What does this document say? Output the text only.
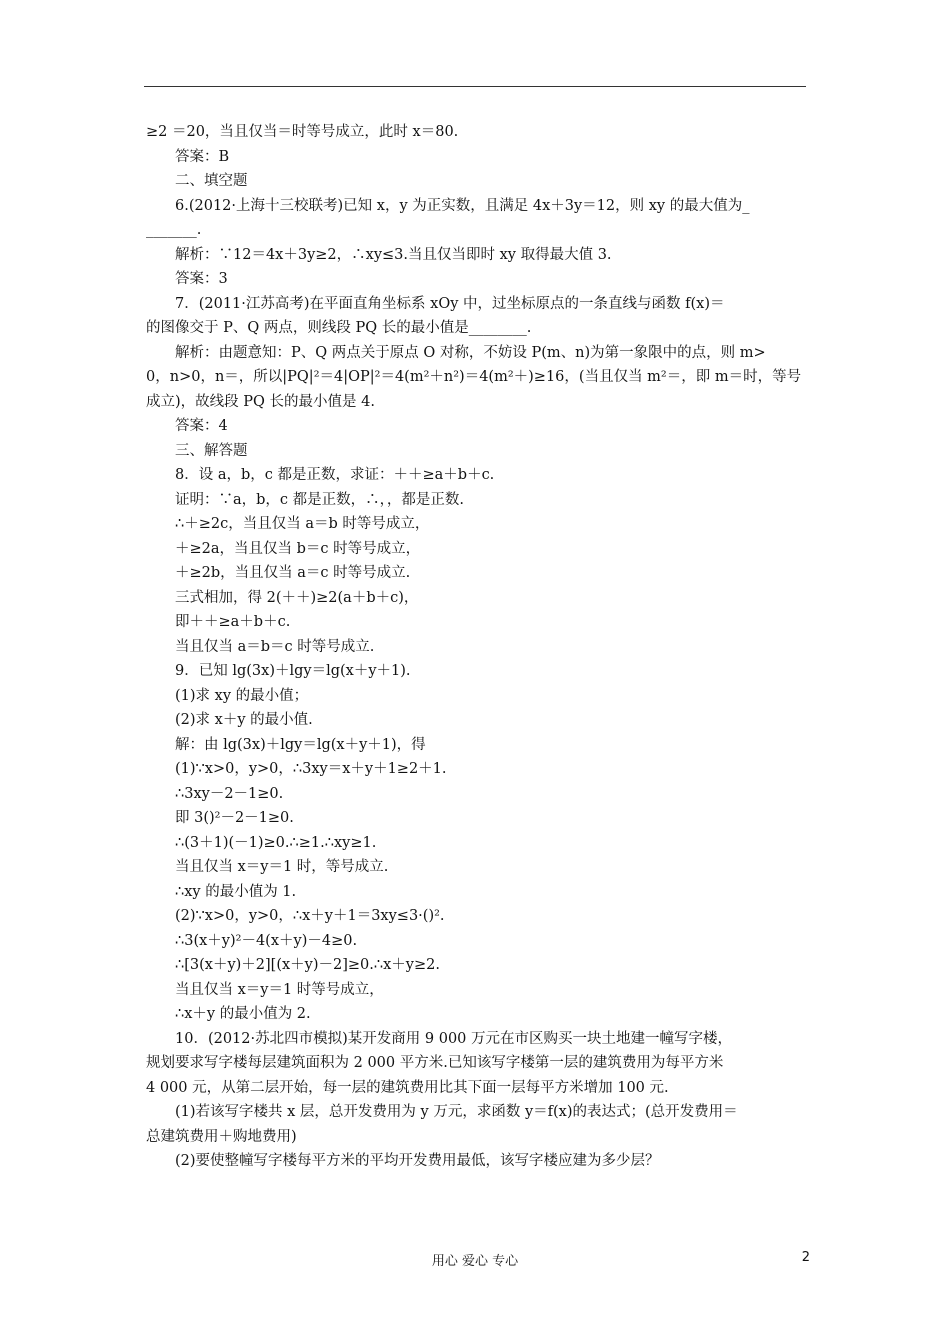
≥2 ＝20，当且仅当＝时等号成立，此时 x＝80.
答案：B
二、填空题
6.(2012·上海十三校联考)已知 x，y 为正实数，且满足 4x＋3y＝12，则 xy 的最大值为_
_______.
解析：∵12＝4x＋3y≥2，∴xy≤3.当且仅当即时 xy 取得最大值 3.
答案：3
7．(2011·江苏高考)在平面直角坐标系 xOy 中，过坐标原点的一条直线与函数 f(x)＝
的图像交于 P、Q 两点，则线段 PQ 长的最小值是________.
解析：由题意知：P、Q 两点关于原点 O 对称，不妨设 P(m、n)为第一象限中的点，则 m>
0，n>0，n＝，所以|PQ|²＝4|OP|²＝4(m²＋n²)＝4(m²＋)≥16，(当且仅当 m²＝，即 m＝时，等号
成立)，故线段 PQ 长的最小值是 4.
答案：4
三、解答题
8．设 a，b，c 都是正数，求证：＋＋≥a＋b＋c.
证明：∵a，b，c 都是正数，∴，，都是正数.
∴＋≥2c，当且仅当 a＝b 时等号成立，
＋≥2a，当且仅当 b＝c 时等号成立，
＋≥2b，当且仅当 a＝c 时等号成立.
三式相加，得 2(＋＋)≥2(a＋b＋c)，
即＋＋≥a＋b＋c.
当且仅当 a＝b＝c 时等号成立.
9．已知 lg(3x)＋lgy＝lg(x＋y＋1).
(1)求 xy 的最小值；
(2)求 x＋y 的最小值.
解：由 lg(3x)＋lgy＝lg(x＋y＋1)，得
(1)∵x>0，y>0，∴3xy＝x＋y＋1≥2＋1.
∴3xy－2－1≥0.
即 3()²－2－1≥0.
∴(3＋1)(－1)≥0.∴≥1.∴xy≥1.
当且仅当 x＝y＝1 时，等号成立.
∴xy 的最小值为 1.
(2)∵x>0，y>0，∴x＋y＋1＝3xy≤3·()².
∴3(x＋y)²－4(x＋y)－4≥0.
∴[3(x＋y)＋2][(x＋y)－2]≥0.∴x＋y≥2.
当且仅当 x＝y＝1 时等号成立，
∴x＋y 的最小值为 2.
10．(2012·苏北四市模拟)某开发商用 9 000 万元在市区购买一块土地建一幢写字楼，
规划要求写字楼每层建筑面积为 2 000 平方米.已知该写字楼第一层的建筑费用为每平方米
4 000 元，从第二层开始，每一层的建筑费用比其下面一层每平方米增加 100 元.
(1)若该写字楼共 x 层，总开发费用为 y 万元，求函数 y＝f(x)的表达式；(总开发费用＝
总建筑费用＋购地费用)
(2)要使整幢写字楼每平方米的平均开发费用最低，该写字楼应建为多少层？
用心 爱心 专心	2
